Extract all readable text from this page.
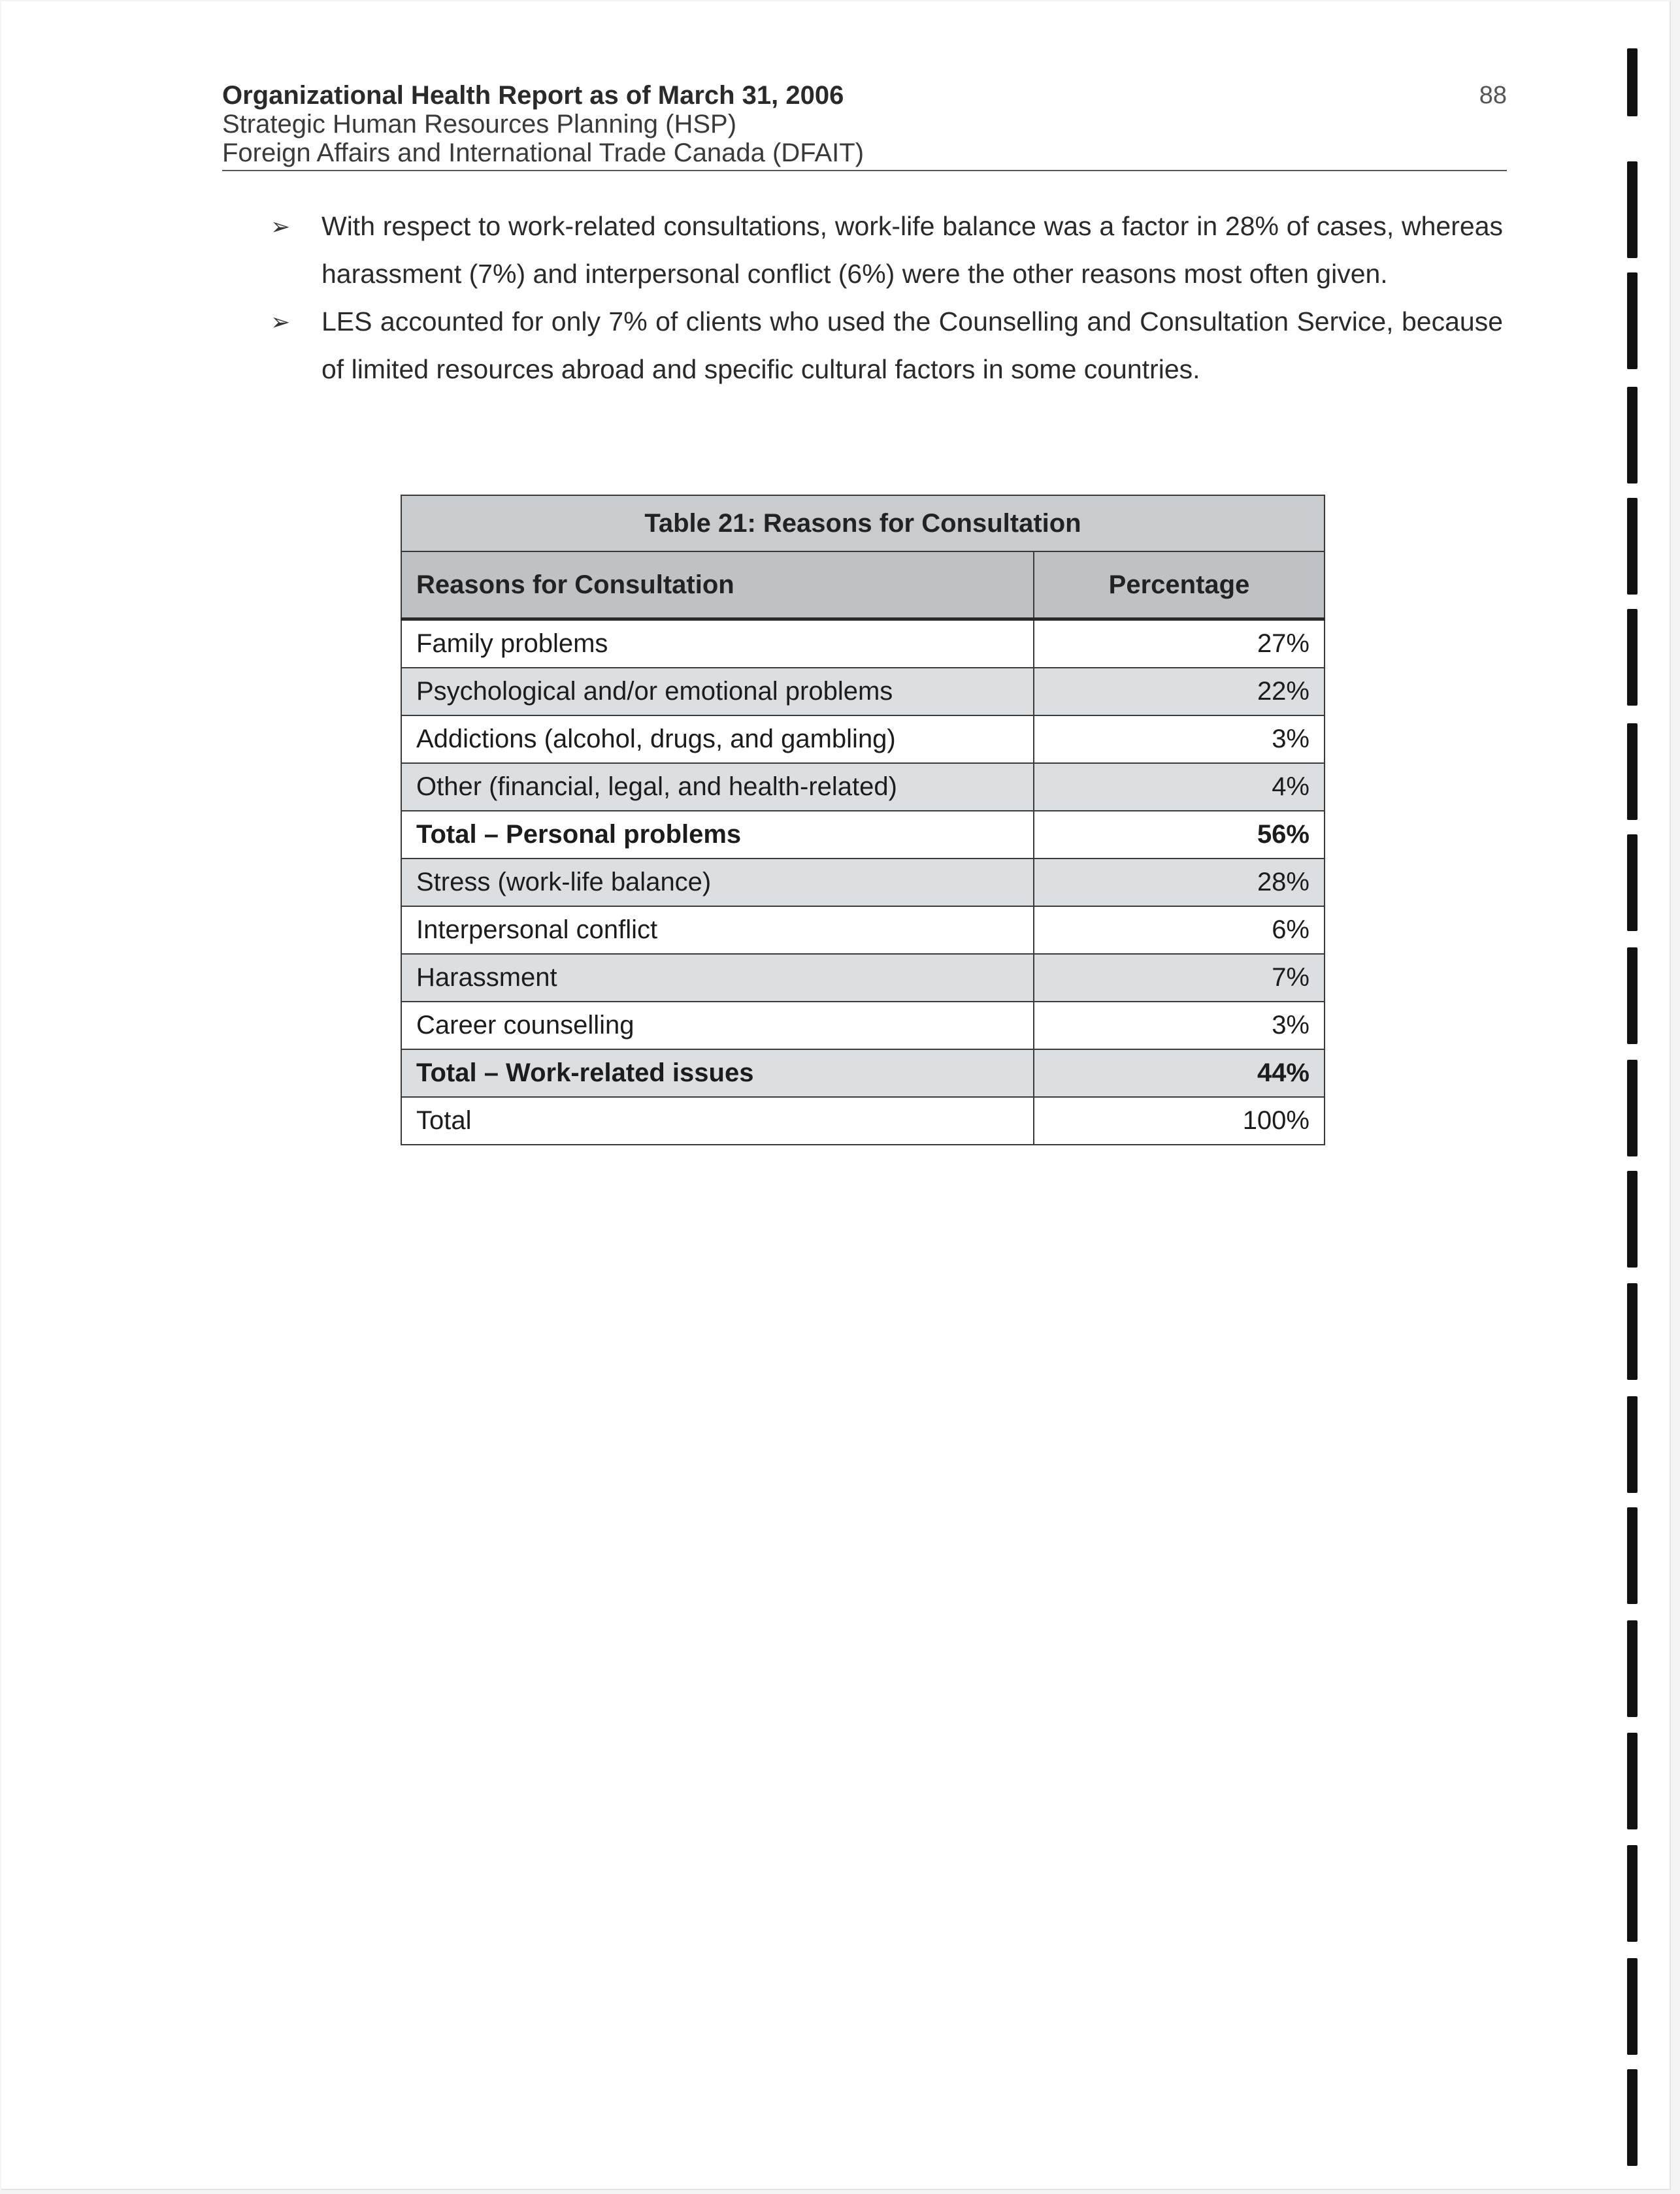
Organizational Health Report as of March 31, 2006
Strategic Human Resources Planning (HSP)
Foreign Affairs and International Trade Canada (DFAIT)
88
➢ With respect to work-related consultations, work-life balance was a factor in 28% of cases, whereas harassment (7%) and interpersonal conflict (6%) were the other reasons most often given.
➢ LES accounted for only 7% of clients who used the Counselling and Consultation Service, because of limited resources abroad and specific cultural factors in some countries.
Table 21: Reasons for Consultation	
Reasons for Consultation	Percentage
Family problems	27%
Psychological and/or emotional problems	22%
Addictions (alcohol, drugs, and gambling)	3%
Other (financial, legal, and health-related)	4%
Total – Personal problems	56%
Stress (work-life balance)	28%
Interpersonal conflict	6%
Harassment	7%
Career counselling	3%
Total – Work-related issues	44%
Total	100%
